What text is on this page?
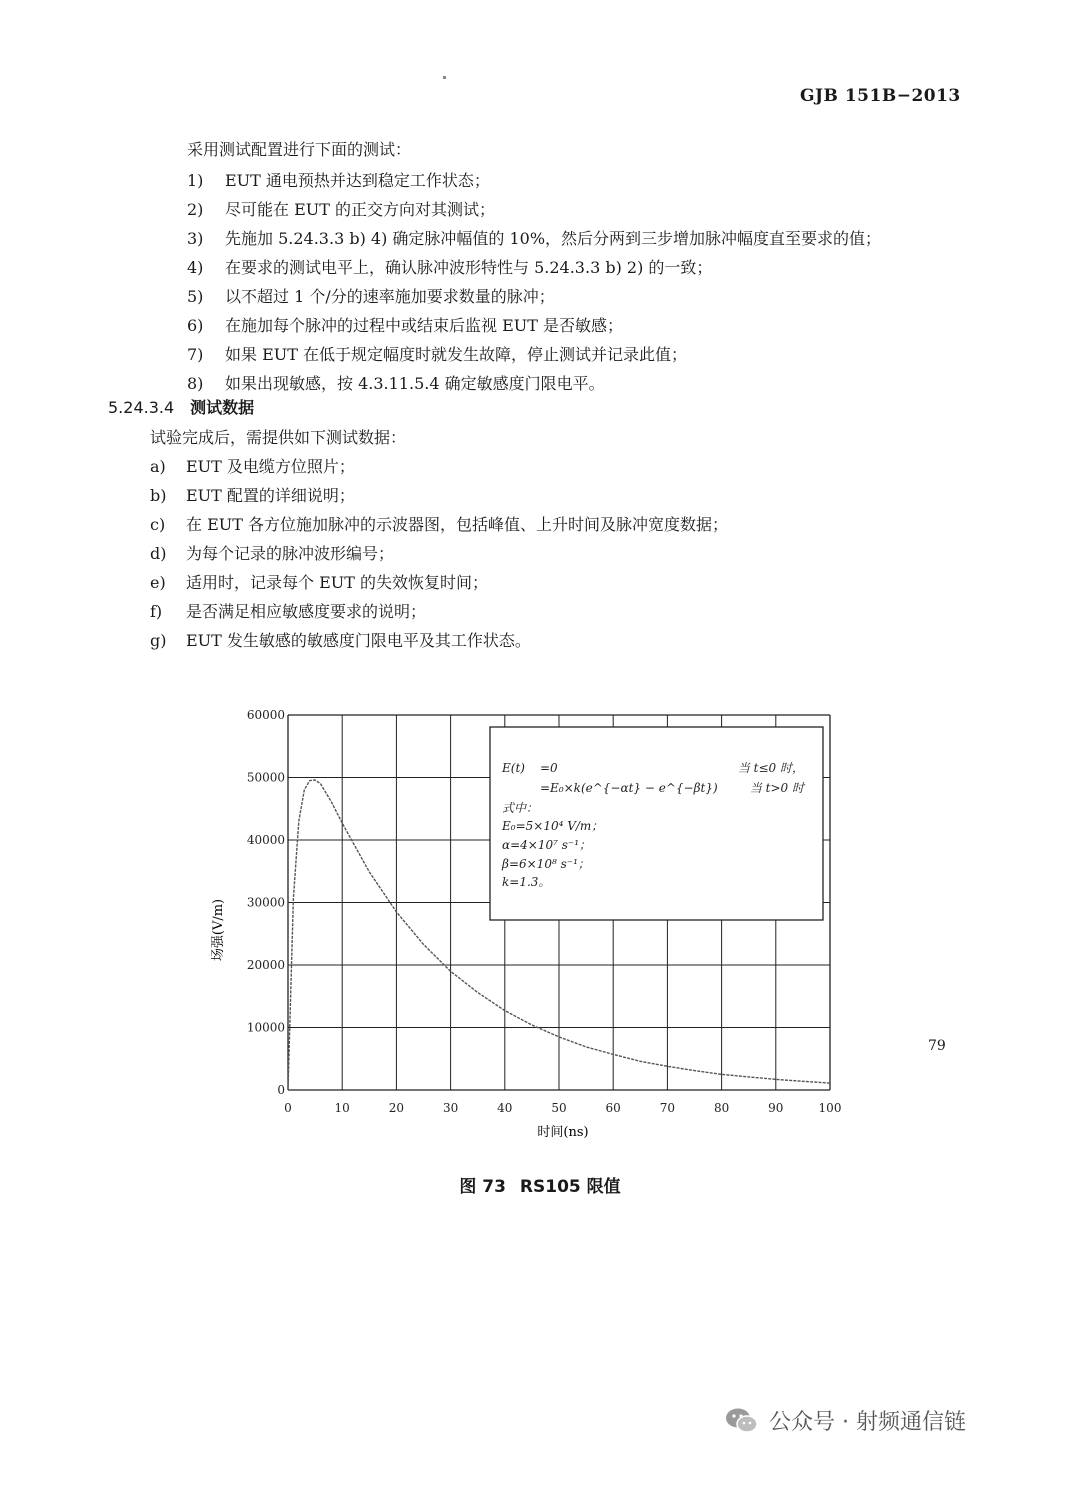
GJB 151B−2013
采用测试配置进行下面的测试：
1) EUT 通电预热并达到稳定工作状态；
2) 尽可能在 EUT 的正交方向对其测试；
3) 先施加 5.24.3.3 b) 4) 确定脉冲幅值的 10%，然后分两到三步增加脉冲幅度直至要求的值；
4) 在要求的测试电平上，确认脉冲波形特性与 5.24.3.3 b) 2) 的一致；
5) 以不超过 1 个/分的速率施加要求数量的脉冲；
6) 在施加每个脉冲的过程中或结束后监视 EUT 是否敏感；
7) 如果 EUT 在低于规定幅度时就发生故障，停止测试并记录此值；
8) 如果出现敏感，按 4.3.11.5.4 确定敏感度门限电平。
5.24.3.4 测试数据
试验完成后，需提供如下测试数据：
a) EUT 及电缆方位照片；
b) EUT 配置的详细说明；
c) 在 EUT 各方位施加脉冲的示波器图，包括峰值、上升时间及脉冲宽度数据；
d) 为每个记录的脉冲波形编号；
e) 适用时，记录每个 EUT 的失效恢复时间；
f) 是否满足相应敏感度要求的说明；
g) EUT 发生敏感的敏感度门限电平及其工作状态。
0	10	20	30	40	50	60	70	80	90	100
0
10000
20000
30000
40000
50000
60000
E(t) =0	当 t≤0 时，
=E₀×k(e^{−αt} − e^{−βt})	当 t>0 时
式中：
E₀=5×10⁴ V/m；
α=4×10⁷ s⁻¹；
β=6×10⁸ s⁻¹；
k=1.3。
时间(ns)
场强(V/m)
图 73 RS105 限值
79
公众号 · 射频通信链
